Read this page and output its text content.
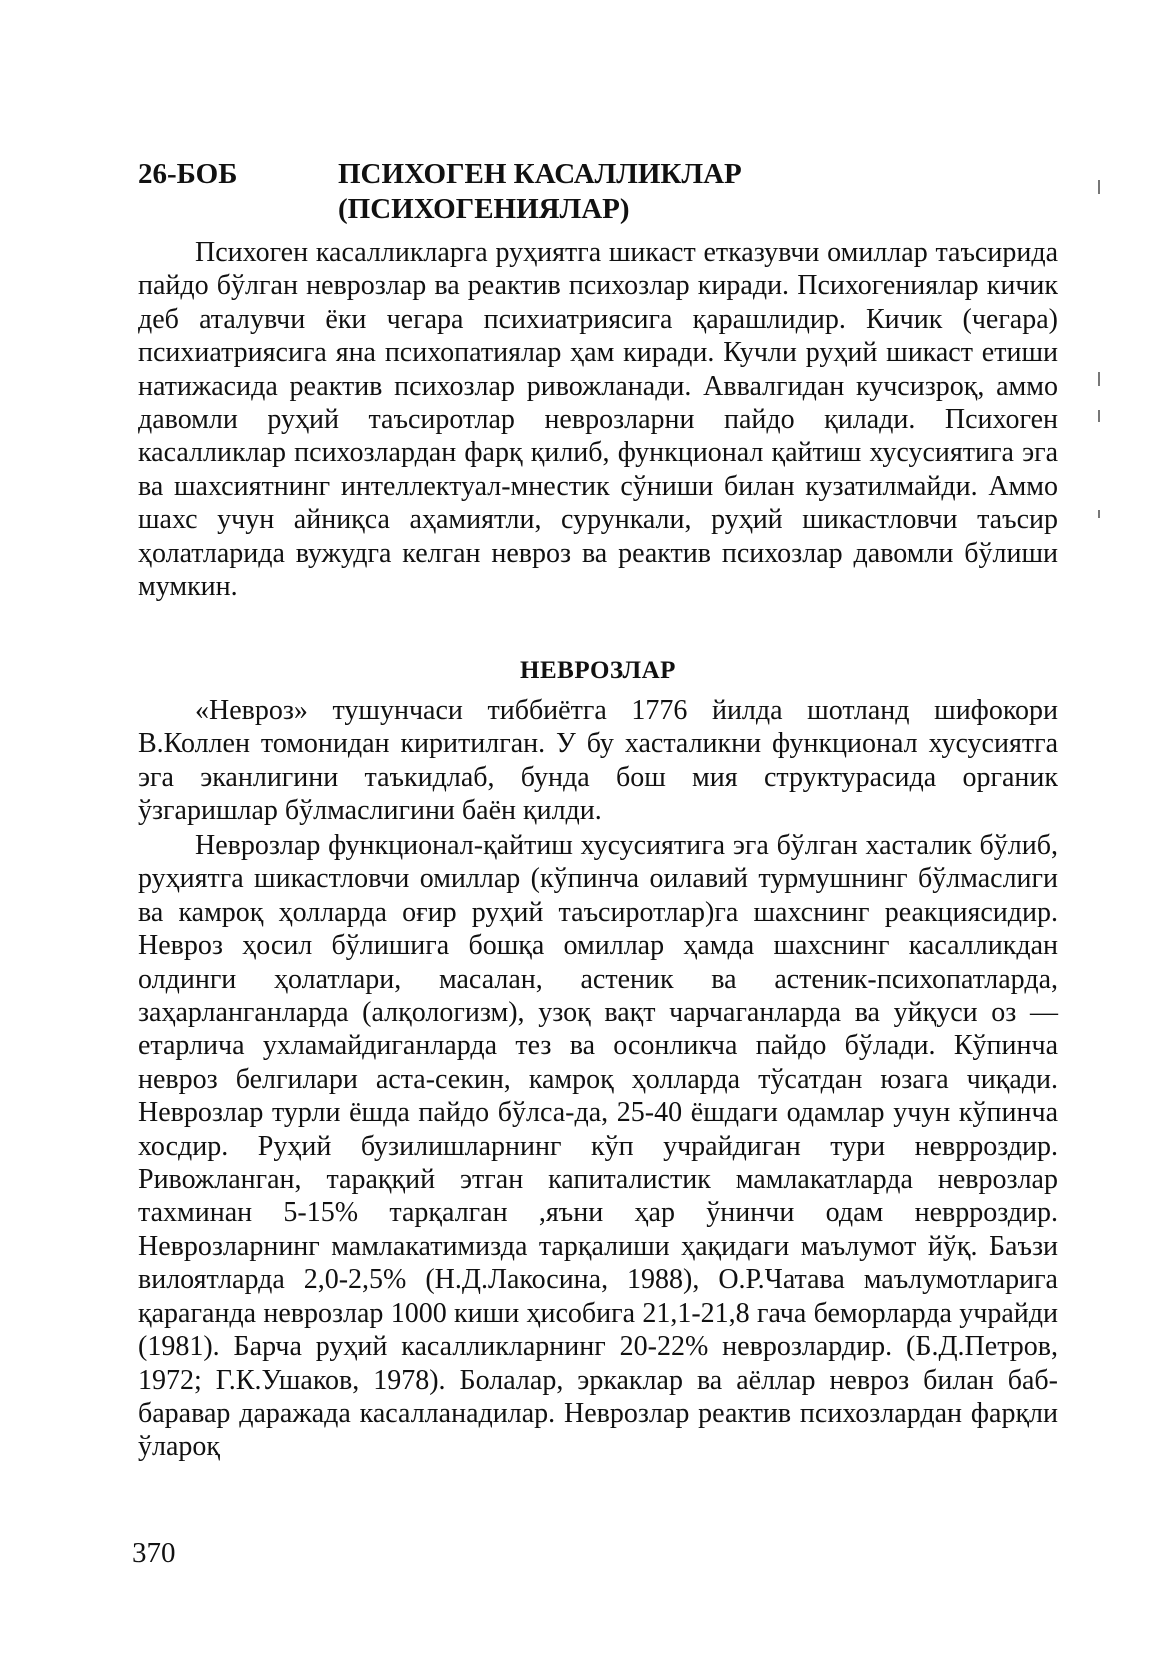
26-БОБ	ПСИХОГЕН КАСАЛЛИКЛАР
(ПСИХОГЕНИЯЛАР)

Психоген касалликларга руҳиятга шикаст етказувчи омиллар таъсирида пайдо бўлган неврозлар ва реактив психозлар киради. Психогениялар кичик деб аталувчи ёки чегара психиатриясига қарашлидир. Кичик (чегара) психиатриясига яна психопатиялар ҳам киради. Кучли руҳий шикаст етиши натижасида реактив психозлар ривожланади. Аввалгидан кучсизроқ, аммо давомли руҳий таъсиротлар неврозларни пайдо қилади. Психоген касалликлар психозлардан фарқ қилиб, функционал қайтиш хусусиятига эга ва шахсиятнинг интеллектуал-мнестик сўниши билан кузатилмайди. Аммо шахс учун айниқса аҳамиятли, сурункали, руҳий шикастловчи таъсир ҳолатларида вужудга келган невроз ва реактив психозлар давомли бўлиши мумкин.

НЕВРОЗЛАР

«Невроз» тушунчаси тиббиётга 1776 йилда шотланд шифокори В.Коллен томонидан киритилган. У бу хасталикни функционал хусусиятга эга эканлигини таъкидлаб, бунда бош мия структурасида органик ўзгаришлар бўлмаслигини баён қилди.

Неврозлар функционал-қайтиш хусусиятига эга бўлган хасталик бўлиб, руҳиятга шикастловчи омиллар (кўпинча оилавий турмушнинг бўлмаслиги ва камроқ ҳолларда оғир руҳий таъсиротлар)га шахснинг реакциясидир. Невроз ҳосил бўлишига бошқа омиллар ҳамда шахснинг касалликдан олдинги ҳолатлари, масалан, астеник ва астеник-психопатларда, заҳарланганларда (алқологизм), узоқ вақт чарчаганларда ва уйқуси оз — етарлича ухламайдиганларда тез ва осонликча пайдо бўлади. Кўпинча невроз белгилари аста-секин, камроқ ҳолларда тўсатдан юзага чиқади. Неврозлар турли ёшда пайдо бўлса-да, 25-40 ёшдаги одамлар учун кўпинча хосдир. Руҳий бузилишларнинг кўп учрайдиган тури неврроздир. Ривожланган, тараққий этган капиталистик мамлакатларда неврозлар тахминан 5-15% тарқалган ,яъни ҳар ўнинчи одам неврроздир. Неврозларнинг мамлакатимизда тарқалиши ҳақидаги маълумот йўқ. Баъзи вилоятларда 2,0-2,5% (Н.Д.Лакосина, 1988), О.Р.Чатава маълумотларига қараганда неврозлар 1000 киши ҳисобига 21,1-21,8 гача беморларда учрайди (1981). Барча руҳий касалликларнинг 20-22% неврозлардир. (Б.Д.Петров, 1972; Г.К.Ушаков, 1978). Болалар, эркаклар ва аёллар невроз билан баб-баравар даражада касалланадилар. Неврозлар реактив психозлардан фарқли ўлароқ

370
